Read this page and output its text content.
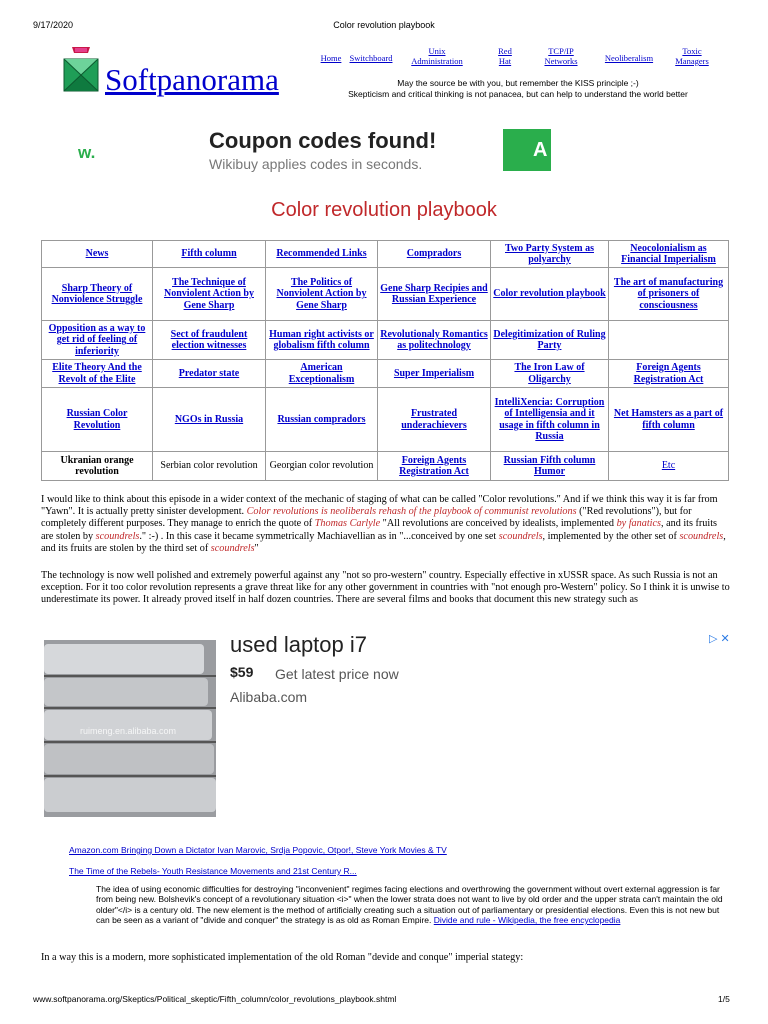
9/17/2020	Color revolution playbook
Softpanorama
Home Switchboard
Unix Administration
Red Hat
TCP/IP Networks	Neoliberalism
Toxic Managers
May the source be with you, but remember the KISS principle ;-)
Skepticism and critical thinking is not panacea, but can help to understand the world better
w.	Coupon codes found!
Wikibuy applies codes in seconds.
A
Color revolution playbook
News	Fifth column	Recommended Links	Compradors	Two Party System as polyarchy	Neocolonialism as Financial Imperialism
Sharp Theory of Nonviolence Struggle	The Technique of Nonviolent Action by Gene Sharp	The Politics of Nonviolent Action by Gene Sharp	Gene Sharp Recipies and Russian Experience	Color revolution playbook	The art of manufacturing of prisoners of consciousness
Opposition as a way to get rid of feeling of inferiority	Sect of fraudulent election witnesses	Human right activists or globalism fifth column	Revolutionaly Romantics as politechnology	Delegitimization of Ruling Party	
Elite Theory And the Revolt of the Elite	Predator state	American Exceptionalism	Super Imperialism	The Iron Law of Oligarchy	Foreign Agents Registration Act
Russian Color Revolution	NGOs in Russia	Russian compradors	Frustrated underachievers	IntelliXencia: Corruption of Intelligensia and it usage in fifth column in Russia	Net Hamsters as a part of fifth column
Ukranian orange revolution	Serbian color revolution	Georgian color revolution	Foreign Agents Registration Act	Russian Fifth column Humor	Etc
I would like to think about this episode in a wider context of the mechanic of staging of what can be called "Color revolutions." And if we think this way it is far from "Yawn". It is actually pretty sinister development. Color revolutions is neoliberals rehash of the playbook of communist revolutions ("Red revolutions"), but for completely different purposes. They manage to enrich the quote of Thomas Carlyle "All revolutions are conceived by idealists, implemented by fanatics, and its fruits are stolen by scoundrels." :-) . In this case it became symmetrically Machiavellian as in "...conceived by one set scoundrels, implemented by the other set of scoundrels, and its fruits are stolen by the third set of scoundrels"
The technology is now well polished and extremely powerful against any "not so pro-western" country. Especially effective in xUSSR space. As such Russia is not an exception. For it too color revolution represents a grave threat like for any other government in countries with "not enough pro-Western" policy. So I think it is unwise to underestimate its power. It already proved itself in half dozen countries. There are several films and books that document this new strategy such as
ruimeng.en.alibaba.com
used laptop i7
$59 Get latest price now
Alibaba.com
▷ ✕
Amazon.com Bringing Down a Dictator Ivan Marovic, Srdja Popovic, Otpor!, Steve York Movies & TV
The Time of the Rebels- Youth Resistance Movements and 21st Century R...
The idea of using economic difficulties for destroying "inconvenient" regimes facing elections and overthrowing the government without overt external aggression is far from being new. Bolshevik's concept of a revolutionary situation <i>" when the lower strata does not want to live by old order and the upper strata can't maintain the old older"</i> is a century old. The new element is the method of artificially creating such a situation out of parliamentary or presidential elections. Even this is not new but can be seen as a variant of "divide and conquer" the strategy is as old as Roman Empire. Divide and rule - Wikipedia, the free encyclopedia
In a way this is a modern, more sophisticated implementation of the old Roman "devide and conque" imperial stategy:
www.softpanorama.org/Skeptics/Political_skeptic/Fifth_column/color_revolutions_playbook.shtml	1/5
